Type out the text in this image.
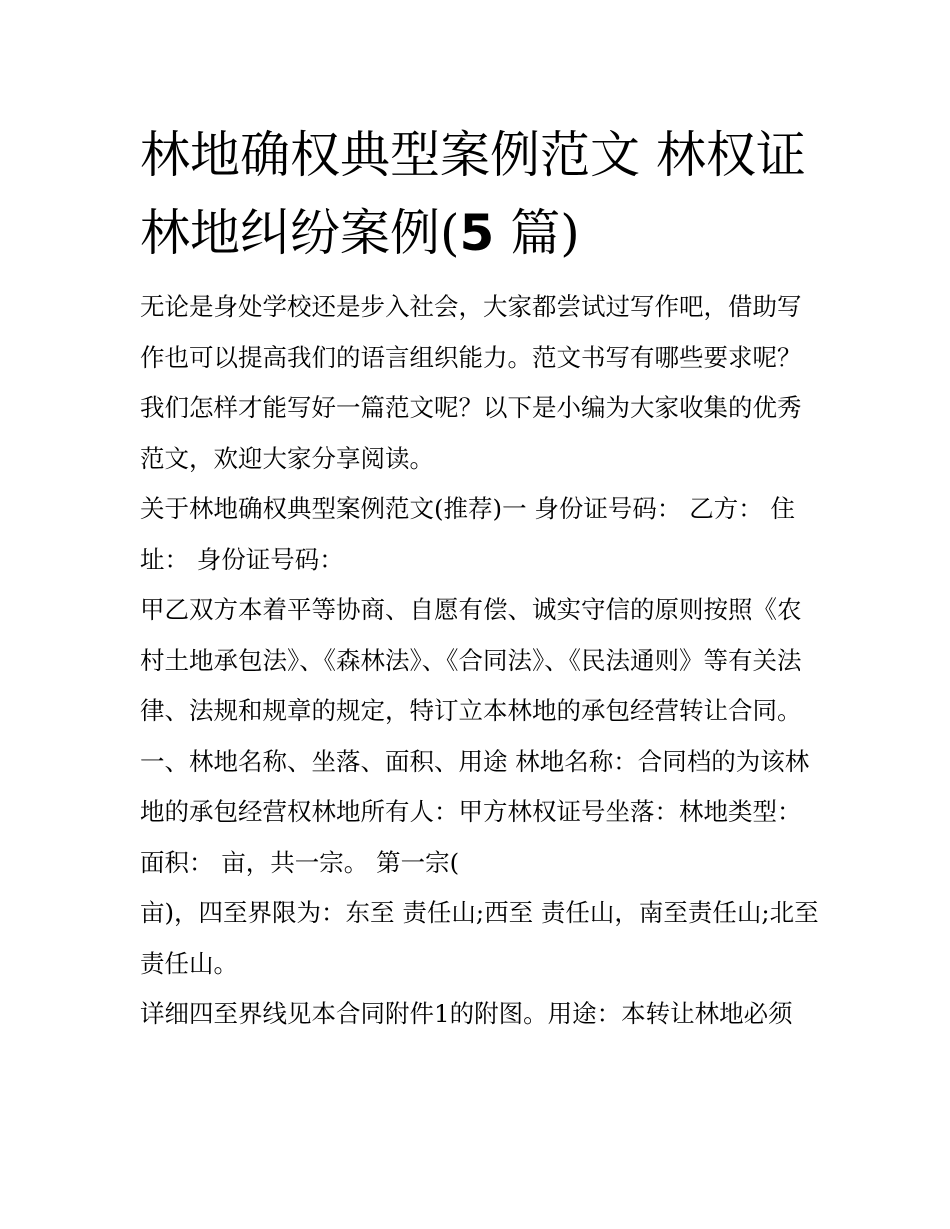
林地确权典型案例范文 林权证林地纠纷案例(5 篇)

无论是身处学校还是步入社会，大家都尝试过写作吧，借助写作也可以提高我们的语言组织能力。范文书写有哪些要求呢？我们怎样才能写好一篇范文呢？以下是小编为大家收集的优秀范文，欢迎大家分享阅读。

关于林地确权典型案例范文(推荐)一 身份证号码： 乙方： 住址： 身份证号码：

甲乙双方本着平等协商、自愿有偿、诚实守信的原则按照《农村土地承包法》、《森林法》、《合同法》、《民法通则》等有关法律、法规和规章的规定，特订立本林地的承包经营转让合同。

一、林地名称、坐落、面积、用途 林地名称：合同档的为该林地的承包经营权林地所有人：甲方林权证号坐落：林地类型：面积： 亩，共一宗。 第一宗(

亩)，四至界限为：东至 责任山;西至 责任山，南至责任山;北至 责任山。

详细四至界线见本合同附件1的附图。用途：本转让林地必须
